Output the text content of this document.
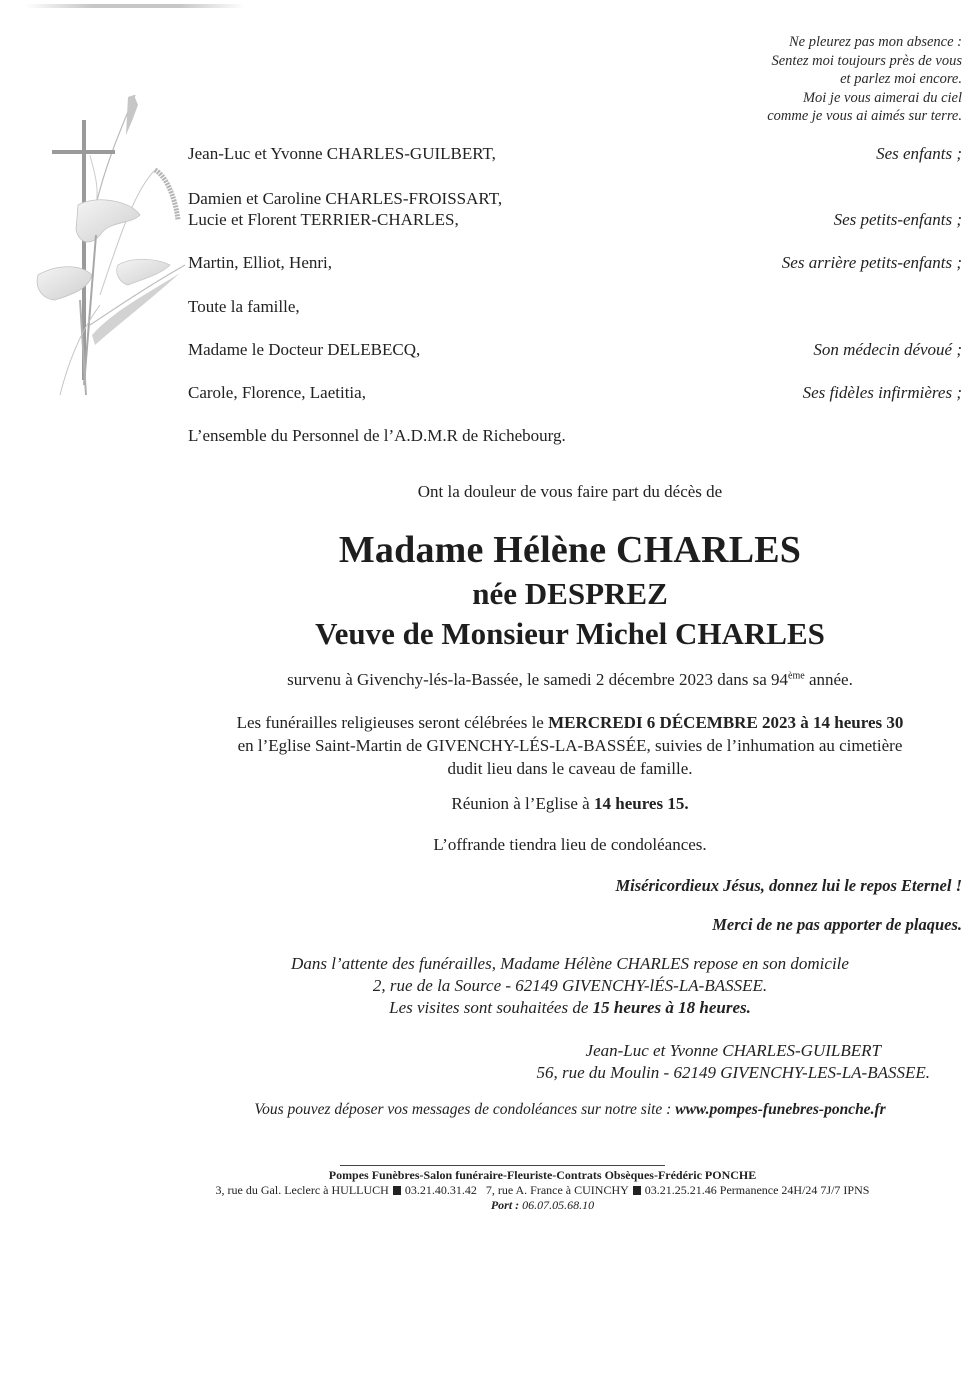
Ne pleurez pas mon absence :
Sentez moi toujours près de vous
et parlez moi encore.
Moi je vous aimerai du ciel
comme je vous ai aimés sur terre.
Jean-Luc et Yvonne CHARLES-GUILBERT,	Ses enfants ;
Damien et Caroline CHARLES-FROISSART,
Lucie et Florent TERRIER-CHARLES,	Ses petits-enfants ;
Martin, Elliot, Henri,	Ses arrière petits-enfants ;
Toute la famille,
Madame le Docteur DELEBECQ,	Son médecin dévoué ;
Carole, Florence, Laetitia,	Ses fidèles infirmières ;
L’ensemble du Personnel de l’A.D.M.R de Richebourg.
Ont la douleur de vous faire part du décès de
Madame Hélène CHARLES
née DESPREZ
Veuve de Monsieur Michel CHARLES
survenu à Givenchy-lés-la-Bassée, le samedi 2 décembre 2023 dans sa 94ème année.
Les funérailles religieuses seront célébrées le MERCREDI 6 DÉCEMBRE 2023 à 14 heures 30
en l’Eglise Saint-Martin de GIVENCHY-LÉS-LA-BASSÉE, suivies de l’inhumation au cimetière
dudit lieu dans le caveau de famille.
Réunion à l’Eglise à 14 heures 15.
L’offrande tiendra lieu de condoléances.
Miséricordieux Jésus, donnez lui le repos Eternel !
Merci de ne pas apporter de plaques.
Dans l’attente des funérailles, Madame Hélène CHARLES repose en son domicile
2, rue de la Source - 62149 GIVENCHY-lÉS-LA-BASSEE.
Les visites sont souhaitées de 15 heures à 18 heures.
Jean-Luc et Yvonne CHARLES-GUILBERT
56, rue du Moulin - 62149 GIVENCHY-LES-LA-BASSEE.
Vous pouvez déposer vos messages de condoléances sur notre site : www.pompes-funebres-ponche.fr
Pompes Funèbres-Salon funéraire-Fleuriste-Contrats Obsèques-Frédéric PONCHE
3, rue du Gal. Leclerc à HULLUCH 03.21.40.31.42 7, rue A. France à CUINCHY 03.21.25.21.46 Permanence 24H/24 7J/7 IPNS
Port : 06.07.05.68.10
